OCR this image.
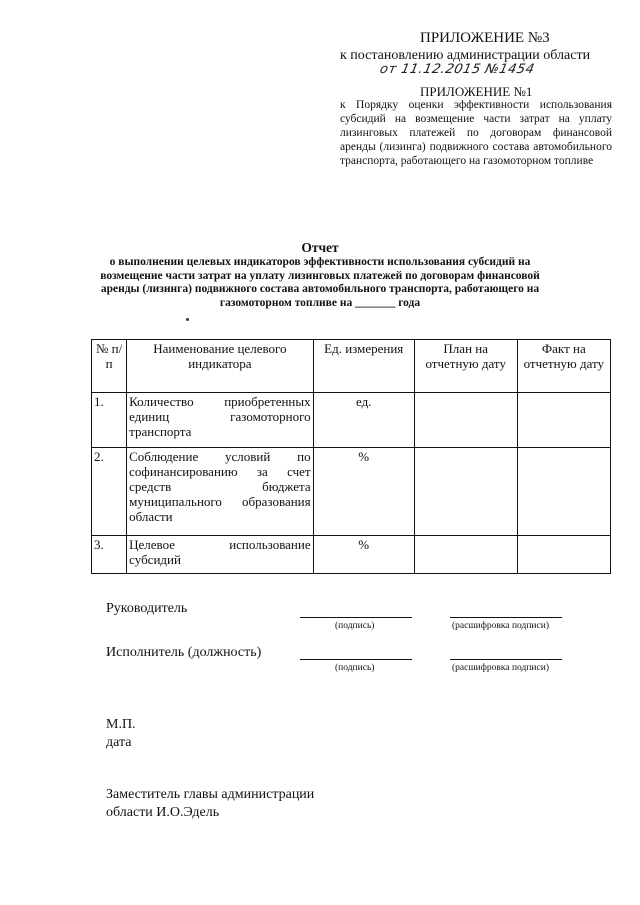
ПРИЛОЖЕНИЕ №3
к постановлению администрации области
от 11.12.2015 №1454
ПРИЛОЖЕНИЕ №1
к Порядку оценки эффективности использования субсидий на возмещение части затрат на уплату лизинговых платежей по договорам финансовой аренды (лизинга) подвижного состава автомобильного транспорта, работающего на газомоторном топливе
Отчет
о выполнении целевых индикаторов эффективности использования субсидий на возмещение части затрат на уплату лизинговых платежей по договорам финансовой аренды (лизинга) подвижного состава автомобильного транспорта, работающего на газомоторном топливе на _______ года
№ п/п	Наименование целевого индикатора	Ед. измерения	План на отчетную дату	Факт на отчетную дату
1.	Количество приобретенных единиц газомоторного транспорта	ед.		
2.	Соблюдение условий по софинансированию за счет средств бюджета муниципального образования области	%		
3.	Целевое использование субсидий	%		
Руководитель
(подпись)	(расшифровка подписи)
Исполнитель (должность)
(подпись)	(расшифровка подписи)
М.П.
дата
Заместитель главы администрации
области И.О.Эдель
